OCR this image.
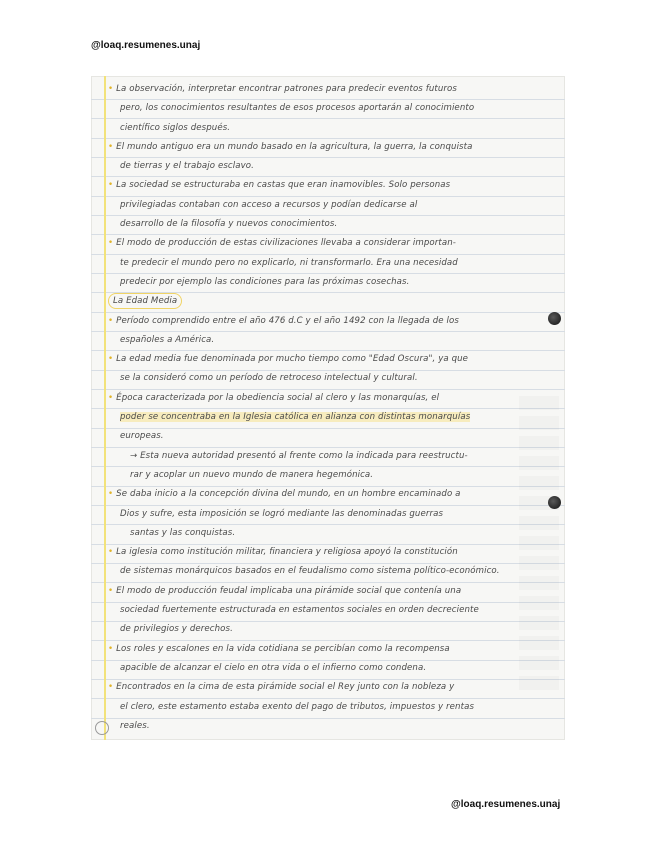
@loaq.resumenes.unaj
• La observación, interpretar encontrar patrones para predecir eventos futuros
pero, los conocimientos resultantes de esos procesos aportarán al conocimiento
científico siglos después.
• El mundo antiguo era un mundo basado en la agricultura, la guerra, la conquista
de tierras y el trabajo esclavo.
• La sociedad se estructuraba en castas que eran inamovibles. Solo personas
privilegiadas contaban con acceso a recursos y podían dedicarse al
desarrollo de la filosofía y nuevos conocimientos.
• El modo de producción de estas civilizaciones llevaba a considerar importan-
te predecir el mundo pero no explicarlo, ni transformarlo. Era una necesidad
predecir por ejemplo las condiciones para las próximas cosechas.
La Edad Media
• Período comprendido entre el año 476 d.C y el año 1492 con la llegada de los
españoles a América.
• La edad media fue denominada por mucho tiempo como "Edad Oscura", ya que
se la consideró como un período de retroceso intelectual y cultural.
• Época caracterizada por la obediencia social al clero y las monarquías, el
poder se concentraba en la Iglesia católica en alianza con distintas monarquías
europeas.
→ Esta nueva autoridad presentó al frente como la indicada para reestructu-
rar y acoplar un nuevo mundo de manera hegemónica.
• Se daba inicio a la concepción divina del mundo, en un hombre encaminado a
Dios y sufre, esta imposición se logró mediante las denominadas guerras
santas y las conquistas.
• La iglesia como institución militar, financiera y religiosa apoyó la constitución
de sistemas monárquicos basados en el feudalismo como sistema político-económico.
• El modo de producción feudal implicaba una pirámide social que contenía una
sociedad fuertemente estructurada en estamentos sociales en orden decreciente
de privilegios y derechos.
• Los roles y escalones en la vida cotidiana se percibían como la recompensa
apacible de alcanzar el cielo en otra vida o el infierno como condena.
• Encontrados en la cima de esta pirámide social el Rey junto con la nobleza y
el clero, este estamento estaba exento del pago de tributos, impuestos y rentas
reales.
@loaq.resumenes.unaj
